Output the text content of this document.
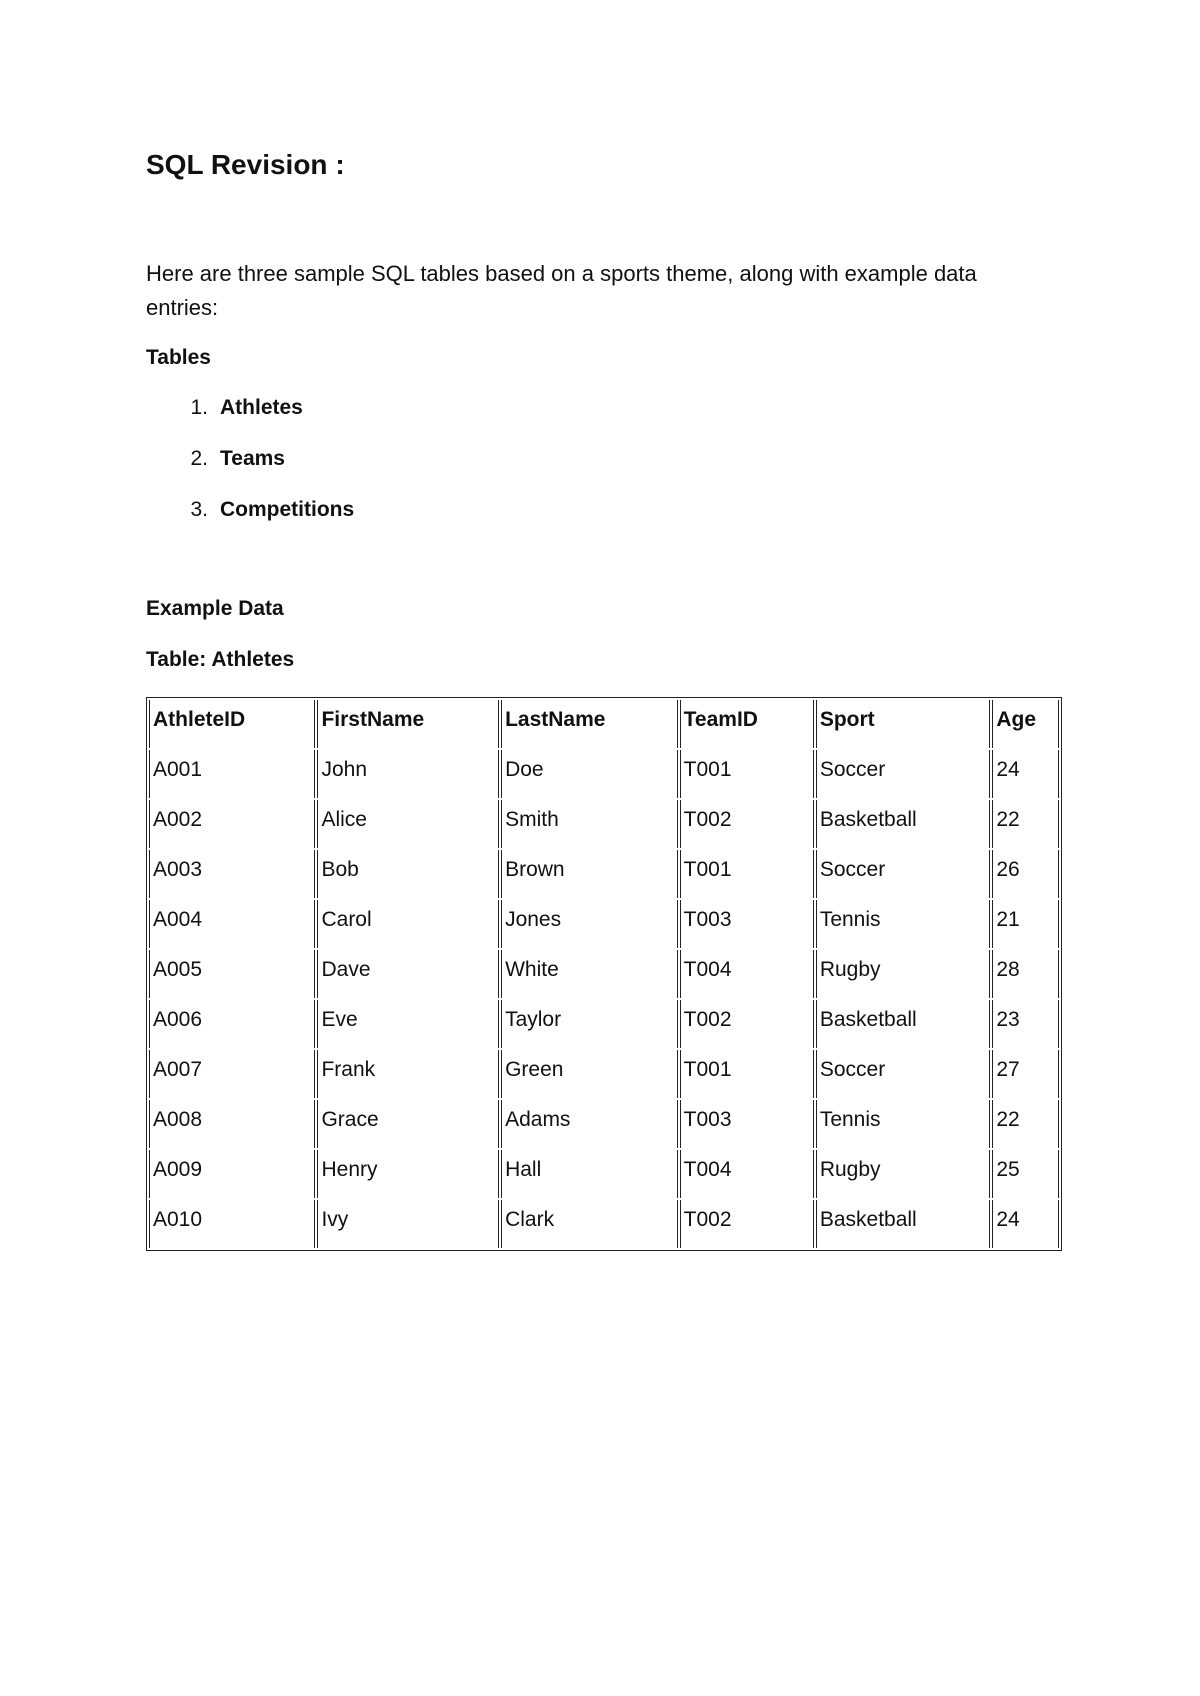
SQL Revision :

Here are three sample SQL tables based on a sports theme, along with example data entries:

Tables
1. Athletes
2. Teams
3. Competitions
Example Data
Table: Athletes
AthleteID	FirstName	LastName	TeamID	Sport	Age
A001	John	Doe	T001	Soccer	24
A002	Alice	Smith	T002	Basketball	22
A003	Bob	Brown	T001	Soccer	26
A004	Carol	Jones	T003	Tennis	21
A005	Dave	White	T004	Rugby	28
A006	Eve	Taylor	T002	Basketball	23
A007	Frank	Green	T001	Soccer	27
A008	Grace	Adams	T003	Tennis	22
A009	Henry	Hall	T004	Rugby	25
A010	Ivy	Clark	T002	Basketball	24
